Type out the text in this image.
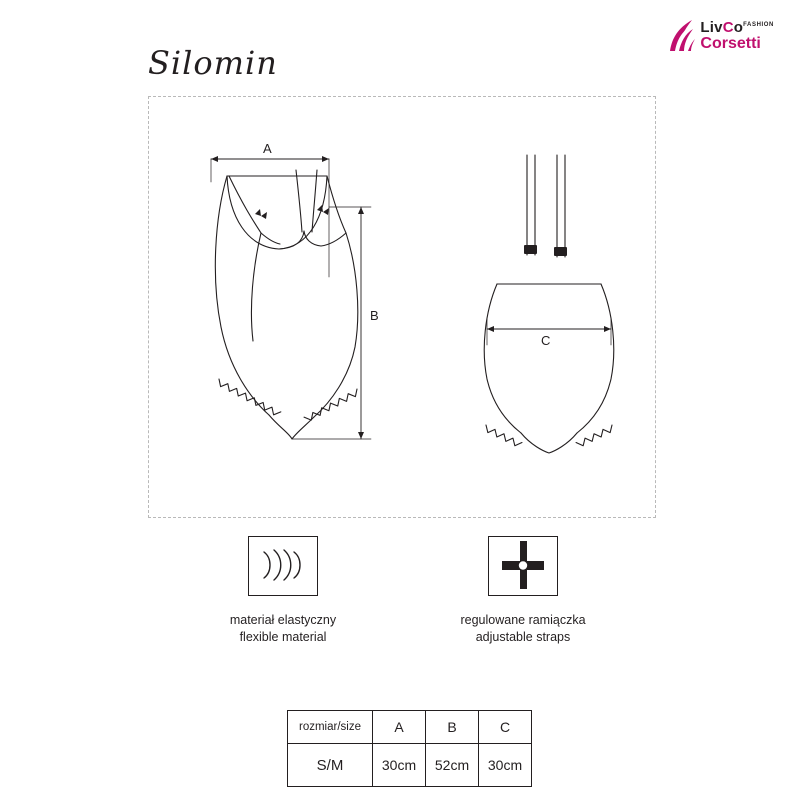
LivCo$^{FASHION}$
Corsetti
Silomin
A
B
C
materiał elastyczny
flexible material
regulowane ramiączka
adjustable straps
rozmiar/size	A	B	C
S/M	30cm	52cm	30cm
